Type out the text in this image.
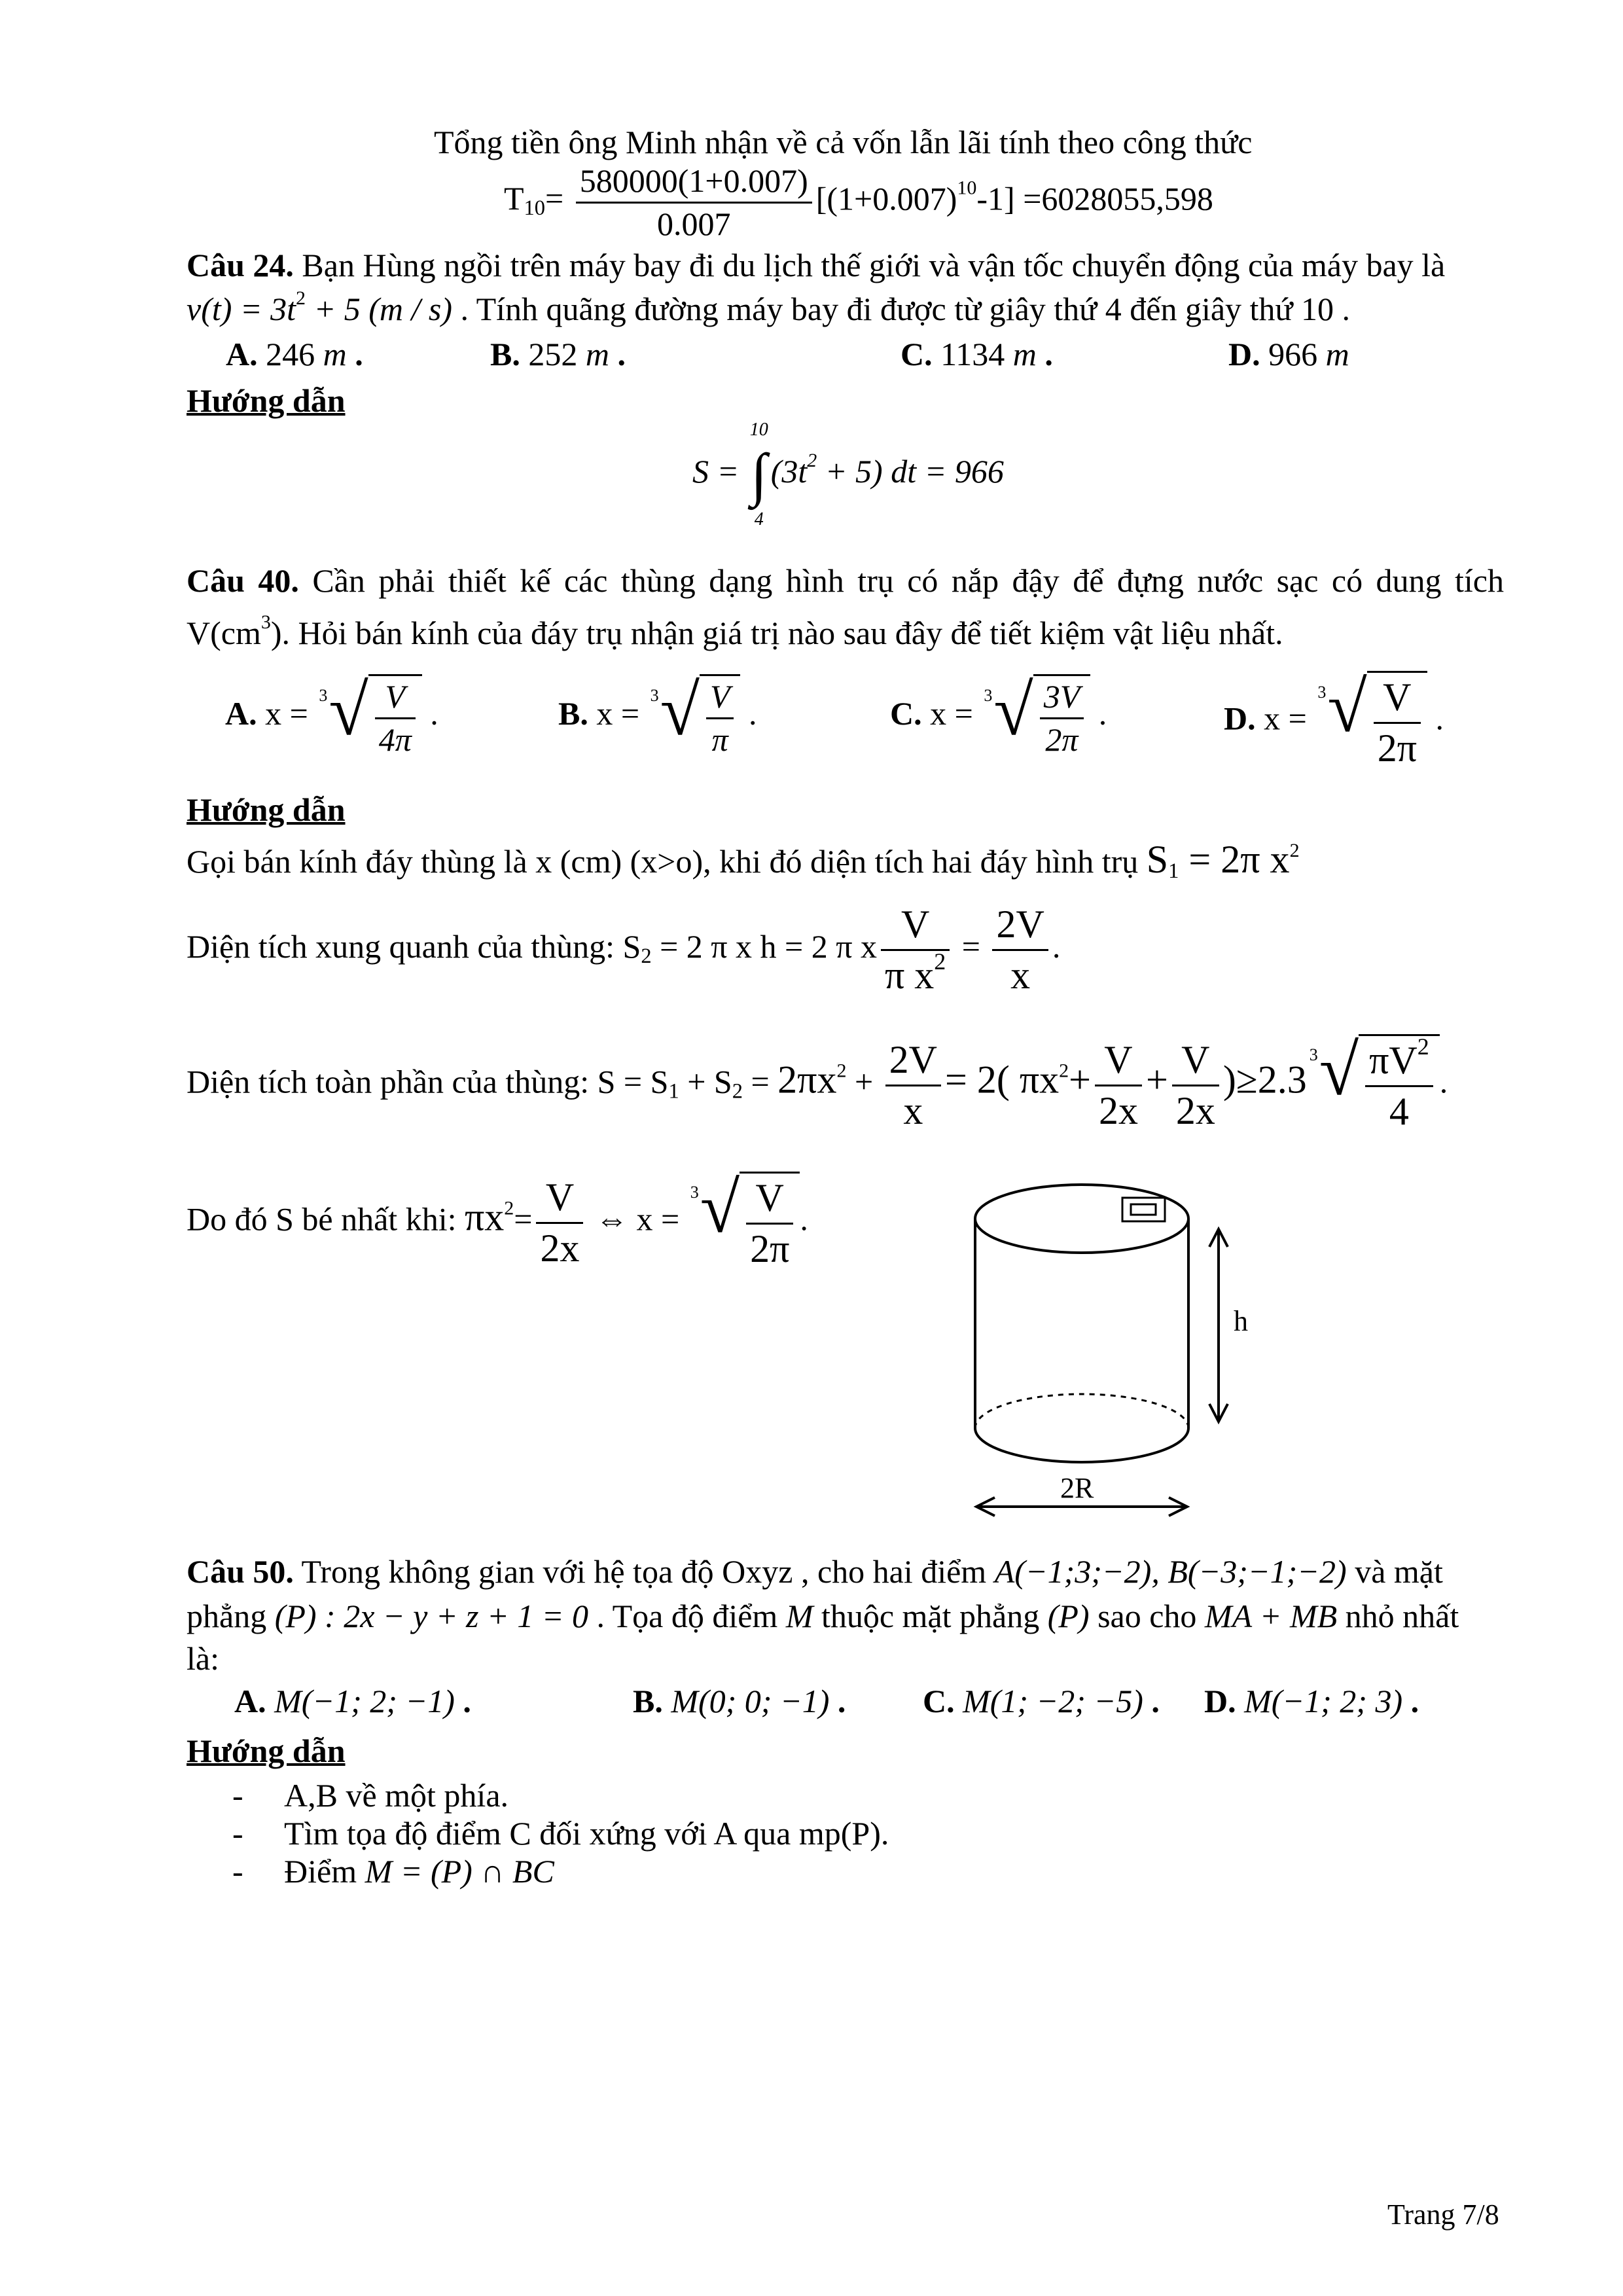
Tổng tiền ông Minh nhận về cả vốn lẫn lãi tính theo công thức
$T_{10}= \frac{580000(1+0.007)}{0.007} [(1+0.007)^{10}-1] =6028055,598$
Câu 24. Bạn Hùng ngồi trên máy bay đi du lịch thế giới và vận tốc chuyển động của máy bay là
$v(t) = 3t^2 + 5$ (m / s) . Tính quãng đường máy bay đi được từ giây thứ 4 đến giây thứ 10 .
A. 246 m .	B. 252 m .	C. 1134 m .	D. 966 m
Hướng dẫn
S =
10
∫
4
$(3t^2 + 5)$ dt = 966
Câu 40. Cần phải thiết kế các thùng dạng hình trụ có nắp đậy để đựng nước sạc có dung tích
$V(cm^3)$. Hỏi bán kính của đáy trụ nhận giá trị nào sau đây để tiết kiệm vật liệu nhất.
A. x = 3 √ $\frac{V}{4\pi}$ .	B. x = 3 √ $\frac{V}{\pi}$ .	C. x = 3 √ $\frac{3V}{2\pi}$ .	D. x =
3 √ $\frac{V}{2\pi}$ .
Hướng dẫn
Gọi bán kính đáy thùng là x (cm) (x>o), khi đó diện tích hai đáy hình trụ $S_1 = 2\pi$ $x^2$
Diện tích xung quanh của thùng: $S_2 = 2$ π x h = 2 π x $\frac{V}{\pi x^2} = \frac{2V}{x}$ .
Diện tích toàn phần của thùng: $S = S_1 + S_2 = 2\pi x^2 + \frac{2V}{x} = 2$( $\pi x^2+ \frac{V}{2x} + \frac{V}{2x} )\ge 2.3$
3 √ $\frac{\pi V^2}{4}$ .
Do đó S bé nhất khi: $\pi x^2= \frac{V}{2x}$ ⇔ x =
3 √ $\frac{V}{2\pi}$ .
h
2R
Câu 50. Trong không gian với hệ tọa độ Oxyz , cho hai điểm A(−1;3;−2), B(−3;−1;−2) và mặt
phẳng (P) : 2x − y + z + 1 = 0 . Tọa độ điểm M thuộc mặt phẳng (P) sao cho MA + MB nhỏ nhất
là:
A. M(−1; 2; −1) .	B. M(0; 0; −1) . C. M(1; −2; −5) . D. M(−1; 2; 3) .
Hướng dẫn
- A,B về một phía.
- Tìm tọa độ điểm C đối xứng với A qua mp(P).
- Điểm M = (P) ∩ BC
Trang 7/8
